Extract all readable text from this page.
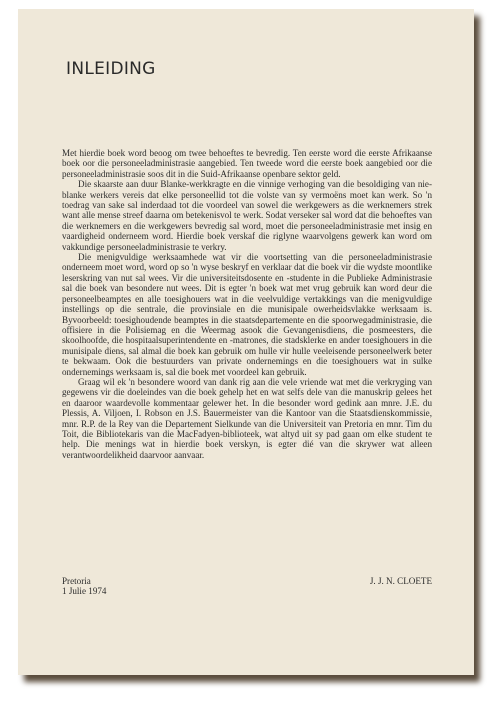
INLEIDING

Met hierdie boek word beoog om twee behoeftes te bevredig. Ten eerste word die eerste Afrikaanse boek oor die personeeladministrasie aangebied. Ten tweede word die eerste boek aangebied oor die personeeladministrasie soos dit in die Suid-Afrikaanse openbare sektor geld.

Die skaarste aan duur Blanke-werkkragte en die vinnige verhoging van die besoldiging van nie-blanke werkers vereis dat elke personeellid tot die volste van sy vermoëns moet kan werk. So 'n toedrag van sake sal inderdaad tot die voordeel van sowel die werkgewers as die werknemers strek want alle mense streef daarna om betekenisvol te werk. Sodat verseker sal word dat die behoeftes van die werknemers en die werkgewers bevredig sal word, moet die personeeladministrasie met insig en vaardigheid onderneem word. Hierdie boek verskaf die riglyne waarvolgens gewerk kan word om vakkundige personeeladministrasie te verkry.

Die menigvuldige werksaamhede wat vir die voortsetting van die personeeladministrasie onderneem moet word, word op so 'n wyse beskryf en verklaar dat die boek vir die wydste moontlike leserskring van nut sal wees. Vir die universiteitsdosente en -studente in die Publieke Administrasie sal die boek van besondere nut wees. Dit is egter 'n boek wat met vrug gebruik kan word deur die personeelbeamptes en alle toesighouers wat in die veelvuldige vertakkings van die menigvuldige instellings op die sentrale, die provinsiale en die munisipale owerheidsvlakke werksaam is. Byvoorbeeld: toesighoudende beamptes in die staatsdepartemente en die spoorwegadministrasie, die offisiere in die Polisiemag en die Weermag asook die Gevangenisdiens, die posmeesters, die skoolhoofde, die hospitaalsuperintendente en -matrones, die stadsklerke en ander toesighouers in die munisipale diens, sal almal die boek kan gebruik om hulle vir hulle veeleisende personeelwerk beter te bekwaam. Ook die bestuurders van private ondernemings en die toesighouers wat in sulke ondernemings werksaam is, sal die boek met voordeel kan gebruik.

Graag wil ek 'n besondere woord van dank rig aan die vele vriende wat met die verkryging van gegewens vir die doeleindes van die boek gehelp het en wat selfs dele van die manuskrip gelees het en daaroor waardevolle kommentaar gelewer het. In die besonder word gedink aan mnre. J.E. du Plessis, A. Viljoen, I. Robson en J.S. Bauermeister van die Kantoor van die Staatsdienskommissie, mnr. R.P. de la Rey van die Departement Sielkunde van die Universiteit van Pretoria en mnr. Tim du Toit, die Bibliotekaris van die MacFadyen-biblioteek, wat altyd uit sy pad gaan om elke student te help. Die menings wat in hierdie boek verskyn, is egter dié van die skrywer wat alleen verantwoordelikheid daarvoor aanvaar.

Pretoria
1 Julie 1974
J. J. N. CLOETE
